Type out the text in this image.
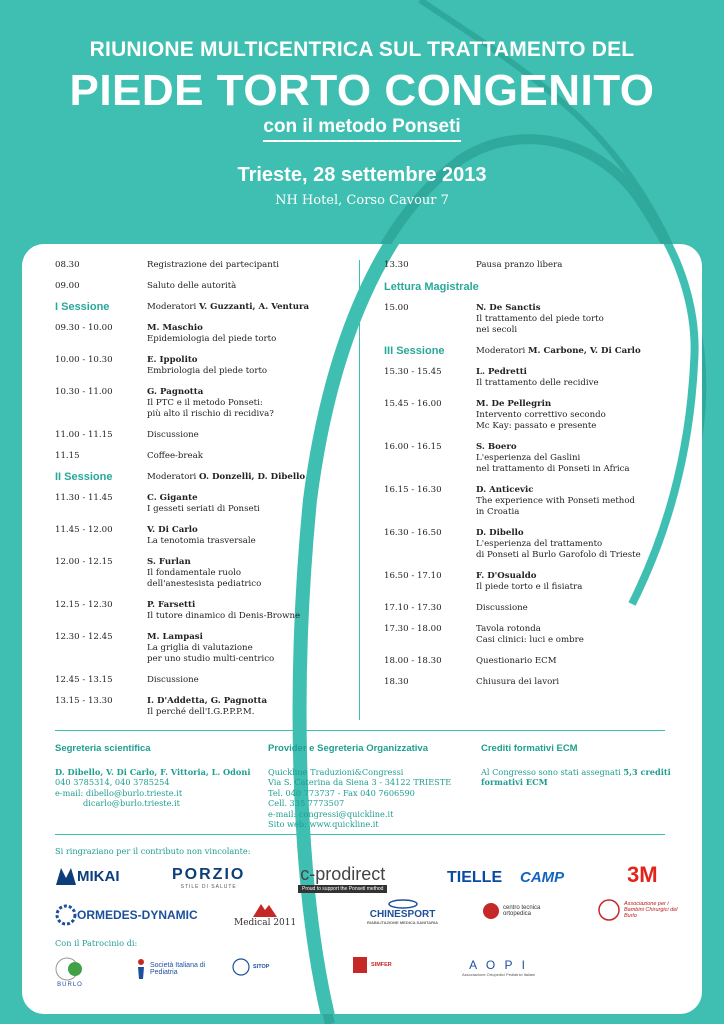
RIUNIONE MULTICENTRICA SUL TRATTAMENTO DEL
PIEDE TORTO CONGENITO
con il metodo Ponseti
Trieste, 28 settembre 2013
NH Hotel, Corso Cavour 7
08.30	Registrazione dei partecipanti
09.00	Saluto delle autorità
I Sessione	Moderatori V. Guzzanti, A. Ventura
09.30 - 10.00	M. Maschio
Epidemiologia del piede torto
10.00 - 10.30	E. Ippolito
Embriologia del piede torto
10.30 - 11.00	G. Pagnotta
Il PTC e il metodo Ponseti:
più alto il rischio di recidiva?
11.00 - 11.15	Discussione
11.15	Coffee-break
II Sessione	Moderatori O. Donzelli, D. Dibello
11.30 - 11.45	C. Gigante
I gesseti seriati di Ponseti
11.45 - 12.00	V. Di Carlo
La tenotomia trasversale
12.00 - 12.15	S. Furlan
Il fondamentale ruolo
dell'anestesista pediatrico
12.15 - 12.30	P. Farsetti
Il tutore dinamico di Denis-Browne
12.30 - 12.45	M. Lampasi
La griglia di valutazione
per uno studio multi-centrico
12.45 - 13.15	Discussione
13.15 - 13.30	I. D'Addetta, G. Pagnotta
Il perché dell'I.G.P.P.P.M.
13.30	Pausa pranzo libera
Lettura Magistrale
15.00	N. De Sanctis
Il trattamento del piede torto
nei secoli
III Sessione	Moderatori M. Carbone, V. Di Carlo
15.30 - 15.45	L. Pedretti
Il trattamento delle recidive
15.45 - 16.00	M. De Pellegrin
Intervento correttivo secondo
Mc Kay: passato e presente
16.00 - 16.15	S. Boero
L'esperienza del Gaslini
nel trattamento di Ponseti in Africa
16.15 - 16.30	D. Anticevic
The experience with Ponseti method
in Croatia
16.30 - 16.50	D. Dibello
L'esperienza del trattamento
di Ponseti al Burlo Garofolo di Trieste
16.50 - 17.10	F. D'Osualdo
Il piede torto e il fisiatra
17.10 - 17.30	Discussione
17.30 - 18.00	Tavola rotonda
Casi clinici: luci e ombre
18.00 - 18.30	Questionario ECM
18.30	Chiusura dei lavori
Segreteria scientifica
D. Dibello, V. Di Carlo, F. Vittoria, L. Odoni
040 3785314, 040 3785254
e-mail: dibello@burlo.trieste.it
dicarlo@burlo.trieste.it
Provider e Segreteria Organizzativa
Quickline Traduzioni&Congressi
Via S. Caterina da Siena 3 - 34122 TRIESTE
Tel. 040 773737 - Fax 040 7606590
Cell. 335 7773507
e-mail: congressi@quickline.it
Sito web: www.quickline.it
Crediti formativi ECM
Al Congresso sono stati assegnati 5,3 crediti formativi ECM
Si ringraziano per il contributo non vincolante:
MIKAI	PORZIO
STILE DI SALUTE
c-prodirect
Proud to support the Ponseti method
TIELLE CAMP	3M
ORMEDES-DYNAMIC
Medical 2011
CHINESPORT
RIABILITAZIONE MEDICA SANITARIA
centro tecnica ortopedica
Associazione per i Bambini Chirurgici del Burlo
Con il Patrocinio di:
BURLO
Società Italiana di Pediatria
SITOP	SIMFER	A O P I
Associazione Ortopedici Pediatrici Italiani
